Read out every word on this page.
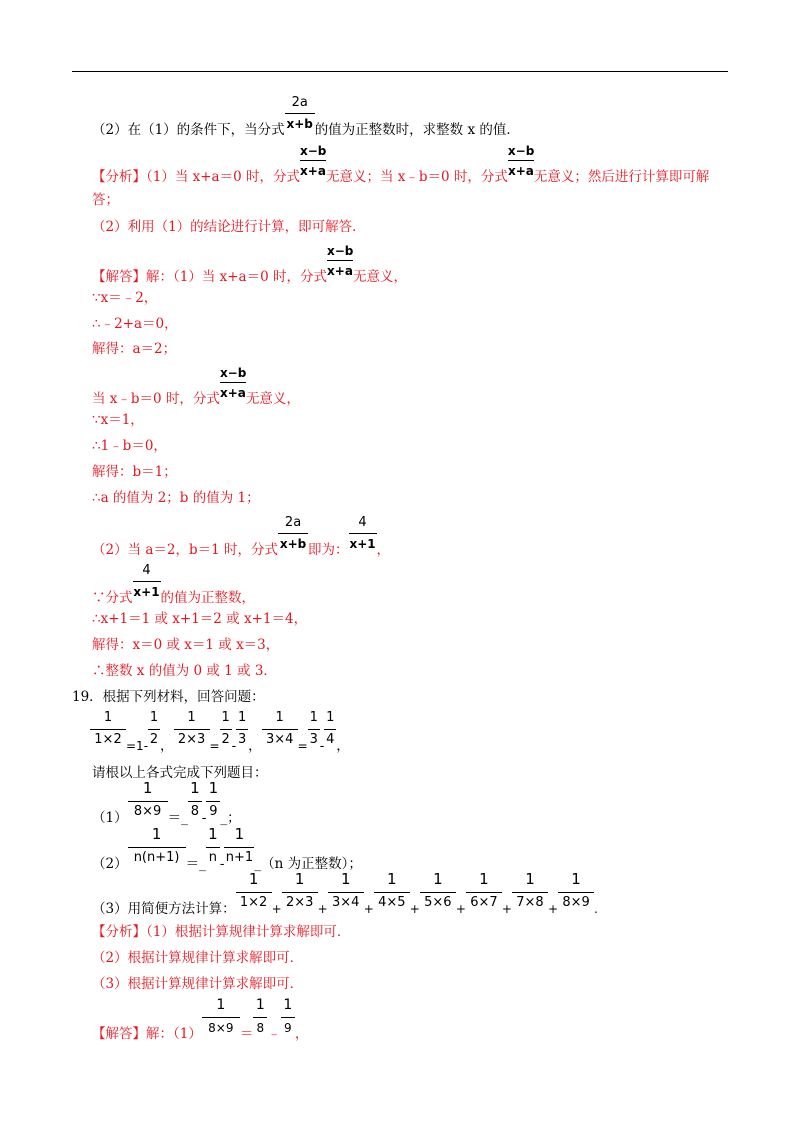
（2）在（1）的条件下，当分式 $\frac{2a}{x+b}$ 的值为正整数时，求整数 x 的值．
【分析】（1）当 x+a＝0 时，分式 $\frac{x-b}{x+a}$ 无意义；当 x﹣b＝0 时，分式 $\frac{x-b}{x+a}$ 无意义；然后进行计算即可解
答；
（2）利用（1）的结论进行计算，即可解答．
【解答】解：（1）当 x+a＝0 时，分式 $\frac{x-b}{x+a}$ 无意义，
∵x＝﹣2，
∴﹣2+a＝0，
解得：a＝2；
当 x﹣b＝0 时，分式 $\frac{x-b}{x+a}$ 无意义，
∵x＝1，
∴1﹣b＝0，
解得：b＝1；
∴a 的值为 2；b 的值为 1；
（2）当 a＝2，b＝1 时，分式 $\frac{2a}{x+b}$ 即为： $\frac{4}{x+1}$ ，
∵分式 $\frac{4}{x+1}$ 的值为正整数，
∴x+1＝1 或 x+1＝2 或 x+1＝4，
解得：x＝0 或 x＝1 或 x＝3，
∴整数 x 的值为 0 或 1 或 3．
19．根据下列材料，回答问题：
$\frac{1}{1\times 2} =1- \frac{1}{2}$ ， $\frac{1}{2\times 3} = \frac{1}{2} - \frac{1}{3}$ ， $\frac{1}{3\times 4} = \frac{1}{3} - \frac{1}{4}$ ，
请根以上各式完成下列题目：
$(1) \frac{1}{8\times 9}$ ＝_ $\frac{1}{8} - \frac{1}{9}$ _；
$(2) \frac{1}{n(n+1)}$ ＝_ $\frac{1}{n} - \frac{1}{n+1}$ _（n 为正整数）；
（3）用简便方法计算： $\frac{1}{1\times 2} + \frac{1}{2\times 3} + \frac{1}{3\times 4} + \frac{1}{4\times 5} + \frac{1}{5\times 6} + \frac{1}{6\times 7} + \frac{1}{7\times 8} + \frac{1}{8\times 9}$ .
【分析】（1）根据计算规律计算求解即可．
（2）根据计算规律计算求解即可．
（3）根据计算规律计算求解即可．
【解答】解：$(1) \frac{1}{8\times 9} = \frac{1}{8}$ ﹣ $\frac{1}{9}$ ，
